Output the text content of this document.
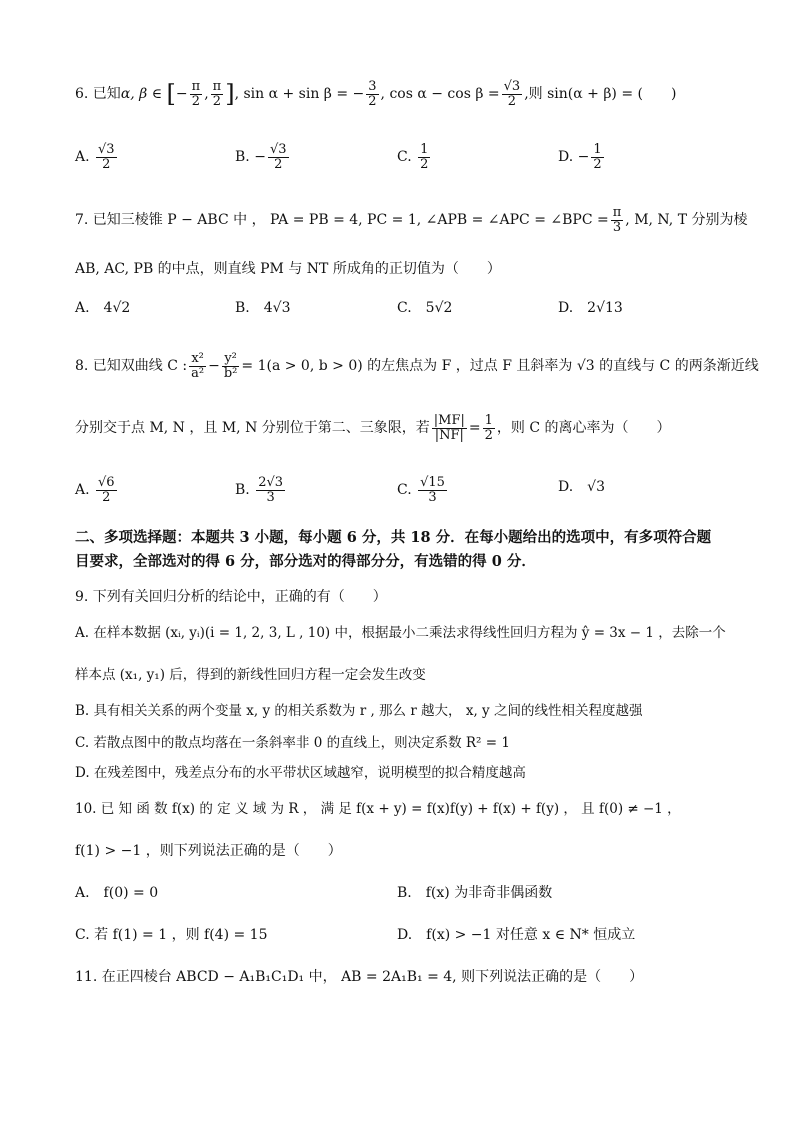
6. 已知α, β ∈ [− $\frac{\pi}{2}$ , $\frac{\pi}{2}$ ], sin α + sin β = − $\frac{3}{2}$ , $\cos \alpha - \cos \beta = \frac{√3}{2}$ ,则 sin(α + β) = (　　)
A. $\frac{√3}{2}$	B. − $\frac{√3}{2}$	C. $\frac{1}{2}$	D. − $\frac{1}{2}$
7. 已知三棱锥 P − ABC 中 ， PA = PB = 4, PC = 1, ∠APB = ∠APC = ∠BPC = $\frac{\pi}{3}$ , M, N, T 分别为棱
AB, AC, PB 的中点，则直线 PM 与 NT 所成角的正切值为（　　）
A.　4√2	B.　4√3	C.　5√2	D.　2√13
8. 已知双曲线 C : $\frac{\text{x²}}{\text{a²}} - \frac{\text{y²}}{\text{b²}} = 1(a > 0$, b > 0) 的左焦点为 F ，过点 F 且斜率为 √3 的直线与 C 的两条渐近线
分别交于点 M, N ，且 M, N 分别位于第二、三象限，若 $\frac{|MF|}{|NF|} = \frac{1}{2}$ ，则 C 的离心率为（　　）
A. $\frac{√6}{2}$	B. $\frac{2√3}{3}$	C. $\frac{√15}{3}$	D.　√3
二、多项选择题：本题共 3 小题，每小题 6 分，共 18 分．在每小题给出的选项中，有多项符合题目要求，全部选对的得 6 分，部分选对的得部分分，有选错的得 0 分．
9. 下列有关回归分析的结论中，正确的有（　　）
A. 在样本数据 (xᵢ, yᵢ)(i = 1, 2, 3, L , 10) 中，根据最小二乘法求得线性回归方程为 ŷ = 3x − 1 ，去除一个
样本点 (x₁, y₁) 后，得到的新线性回归方程一定会发生改变
B. 具有相关关系的两个变量 x, y 的相关系数为 r , 那么 r 越大， x, y 之间的线性相关程度越强
C. 若散点图中的散点均落在一条斜率非 0 的直线上，则决定系数 R² = 1
D. 在残差图中，残差点分布的水平带状区域越窄，说明模型的拟合精度越高
10. 已 知 函 数 f(x) 的 定 义 域 为 R ， 满 足 f(x + y) = f(x)f(y) + f(x) + f(y) ， 且 f(0) ≠ −1 ，
f(1) > −1 ，则下列说法正确的是（　　）
A.　f(0) = 0	B.　f(x) 为非奇非偶函数
C. 若 f(1) = 1 ，则 f(4) = 15	D.　f(x) > −1 对任意 x ∈ N* 恒成立
11. 在正四棱台 ABCD − A₁B₁C₁D₁ 中， AB = 2A₁B₁ = 4, 则下列说法正确的是（　　）
